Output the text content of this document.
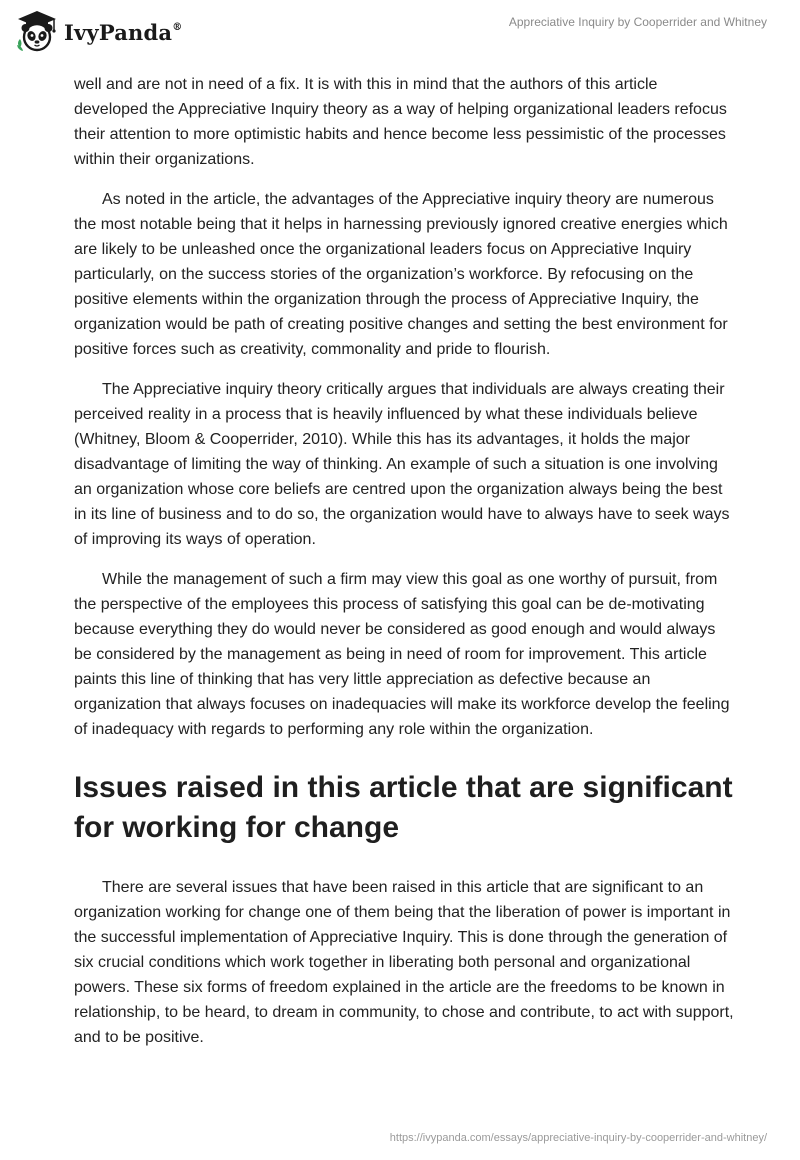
IvyPanda®	Appreciative Inquiry by Cooperrider and Whitney

well and are not in need of a fix. It is with this in mind that the authors of this article developed the Appreciative Inquiry theory as a way of helping organizational leaders refocus their attention to more optimistic habits and hence become less pessimistic of the processes within their organizations.

As noted in the article, the advantages of the Appreciative inquiry theory are numerous the most notable being that it helps in harnessing previously ignored creative energies which are likely to be unleashed once the organizational leaders focus on Appreciative Inquiry particularly, on the success stories of the organization’s workforce. By refocusing on the positive elements within the organization through the process of Appreciative Inquiry, the organization would be path of creating positive changes and setting the best environment for positive forces such as creativity, commonality and pride to flourish.

The Appreciative inquiry theory critically argues that individuals are always creating their perceived reality in a process that is heavily influenced by what these individuals believe (Whitney, Bloom & Cooperrider, 2010). While this has its advantages, it holds the major disadvantage of limiting the way of thinking. An example of such a situation is one involving an organization whose core beliefs are centred upon the organization always being the best in its line of business and to do so, the organization would have to always have to seek ways of improving its ways of operation.

While the management of such a firm may view this goal as one worthy of pursuit, from the perspective of the employees this process of satisfying this goal can be de-motivating because everything they do would never be considered as good enough and would always be considered by the management as being in need of room for improvement. This article paints this line of thinking that has very little appreciation as defective because an organization that always focuses on inadequacies will make its workforce develop the feeling of inadequacy with regards to performing any role within the organization.

Issues raised in this article that are significant for working for change

There are several issues that have been raised in this article that are significant to an organization working for change one of them being that the liberation of power is important in the successful implementation of Appreciative Inquiry. This is done through the generation of six crucial conditions which work together in liberating both personal and organizational powers. These six forms of freedom explained in the article are the freedoms to be known in relationship, to be heard, to dream in community, to chose and contribute, to act with support, and to be positive.

https://ivypanda.com/essays/appreciative-inquiry-by-cooperrider-and-whitney/
